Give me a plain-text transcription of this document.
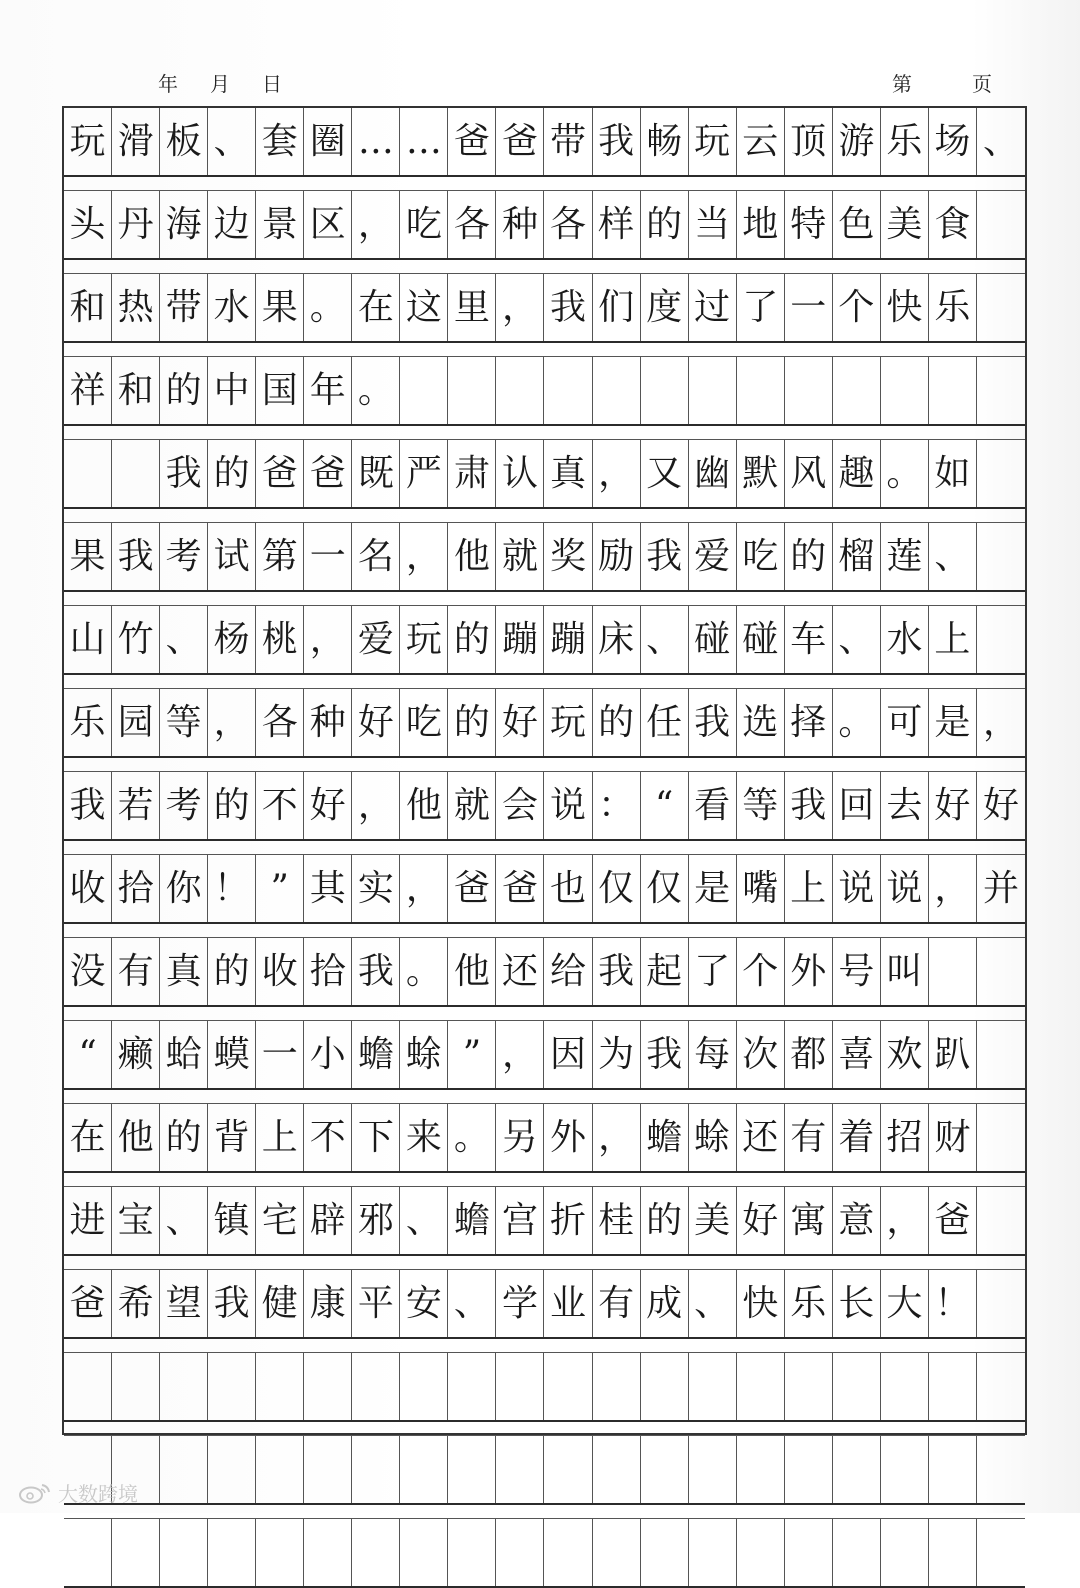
年 月 日	第	页
玩 滑 板 、 套 圈 … … 爸 爸 带 我 畅 玩 云 顶 游 乐 场 、
头 丹 海 边 景 区 ， 吃 各 种 各 样 的 当 地 特 色 美 食
和 热 带 水 果 。 在 这 里 ， 我 们 度 过 了 一 个 快 乐
祥 和 的 中 国 年 。
我 的 爸 爸 既 严 肃 认 真 ， 又 幽 默 风 趣 。 如
果 我 考 试 第 一 名 ， 他 就 奖 励 我 爱 吃 的 榴 莲 、
山 竹 、 杨 桃 ， 爱 玩 的 蹦 蹦 床 、 碰 碰 车 、 水 上
乐 园 等 ， 各 种 好 吃 的 好 玩 的 任 我 选 择 。 可 是 ，
我 若 考 的 不 好 ， 他 就 会 说 ： “ 看 等 我 回 去 好 好
收 拾 你 ！ ” 其 实 ， 爸 爸 也 仅 仅 是 嘴 上 说 说 ， 并
没 有 真 的 收 拾 我 。 他 还 给 我 起 了 个 外 号 叫
“ 癞 蛤 蟆 一 小 蟾 蜍 ” ， 因 为 我 每 次 都 喜 欢 趴
在 他 的 背 上 不 下 来 。 另 外 ， 蟾 蜍 还 有 着 招 财
进 宝 、 镇 宅 辟 邪 、 蟾 宫 折 桂 的 美 好 寓 意 ， 爸
爸 希 望 我 健 康 平 安 、 学 业 有 成 、 快 乐 长 大 ！
大数跨境
